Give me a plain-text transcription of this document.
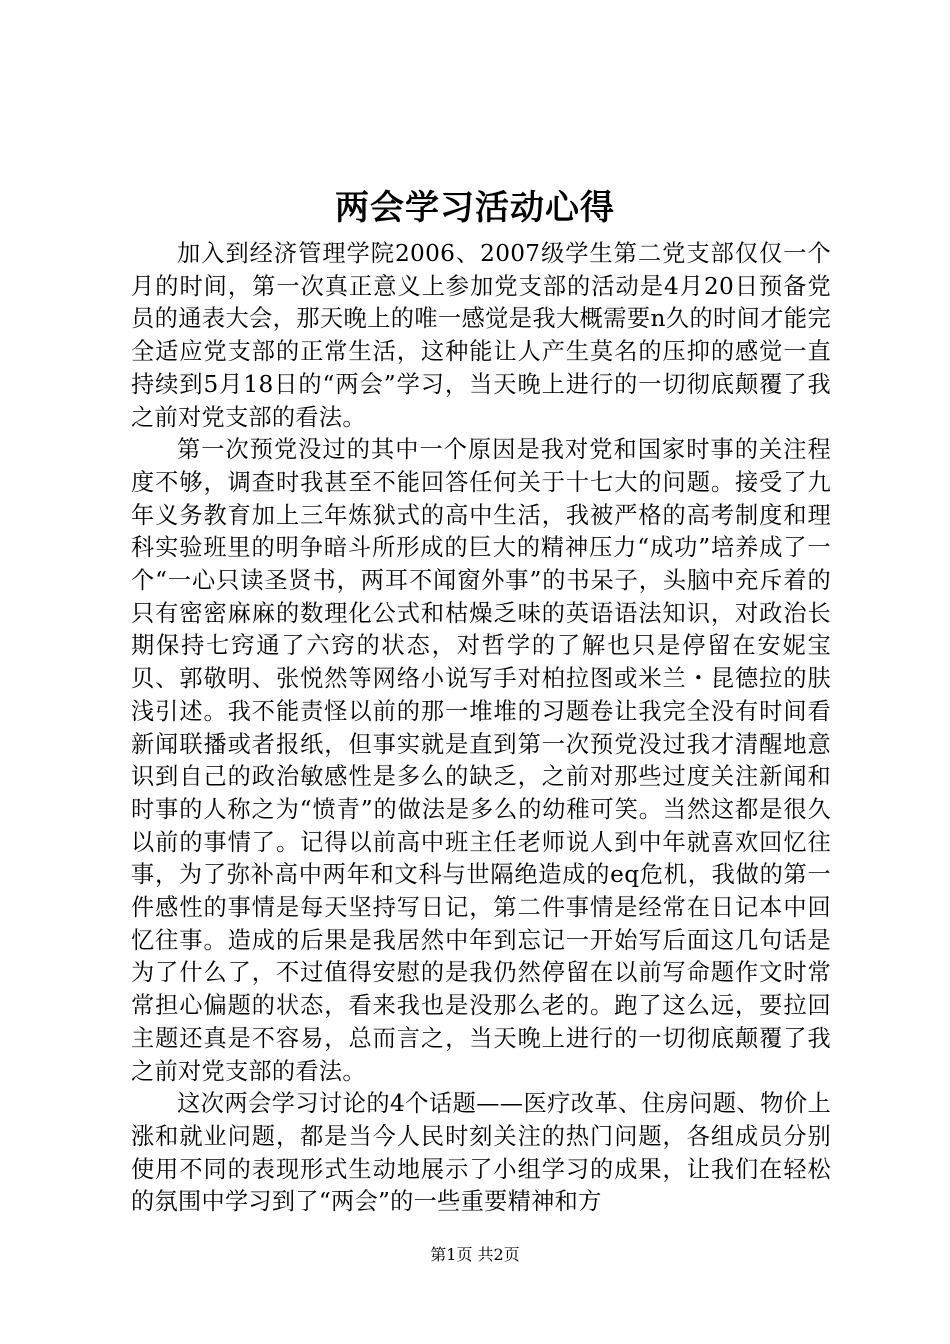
两会学习活动心得

加入到经济管理学院2006、2007级学生第二党支部仅仅一个月的时间，第一次真正意义上参加党支部的活动是4月20日预备党员的通表大会，那天晚上的唯一感觉是我大概需要n久的时间才能完全适应党支部的正常生活，这种能让人产生莫名的压抑的感觉一直持续到5月18日的“两会”学习，当天晚上进行的一切彻底颠覆了我之前对党支部的看法。

第一次预党没过的其中一个原因是我对党和国家时事的关注程度不够，调查时我甚至不能回答任何关于十七大的问题。接受了九年义务教育加上三年炼狱式的高中生活，我被严格的高考制度和理科实验班里的明争暗斗所形成的巨大的精神压力“成功”培养成了一个“一心只读圣贤书，两耳不闻窗外事”的书呆子，头脑中充斥着的只有密密麻麻的数理化公式和枯燥乏味的英语语法知识，对政治长期保持七窍通了六窍的状态，对哲学的了解也只是停留在安妮宝贝、郭敬明、张悦然等网络小说写手对柏拉图或米兰・昆德拉的肤浅引述。我不能责怪以前的那一堆堆的习题卷让我完全没有时间看新闻联播或者报纸，但事实就是直到第一次预党没过我才清醒地意识到自己的政治敏感性是多么的缺乏，之前对那些过度关注新闻和时事的人称之为“愤青”的做法是多么的幼稚可笑。当然这都是很久以前的事情了。记得以前高中班主任老师说人到中年就喜欢回忆往事，为了弥补高中两年和文科与世隔绝造成的eq危机，我做的第一件感性的事情是每天坚持写日记，第二件事情是经常在日记本中回忆往事。造成的后果是我居然中年到忘记一开始写后面这几句话是为了什么了，不过值得安慰的是我仍然停留在以前写命题作文时常常担心偏题的状态，看来我也是没那么老的。跑了这么远，要拉回主题还真是不容易，总而言之，当天晚上进行的一切彻底颠覆了我之前对党支部的看法。

这次两会学习讨论的4个话题——医疗改革、住房问题、物价上涨和就业问题，都是当今人民时刻关注的热门问题，各组成员分别使用不同的表现形式生动地展示了小组学习的成果，让我们在轻松的氛围中学习到了“两会”的一些重要精神和方

第1页 共2页
